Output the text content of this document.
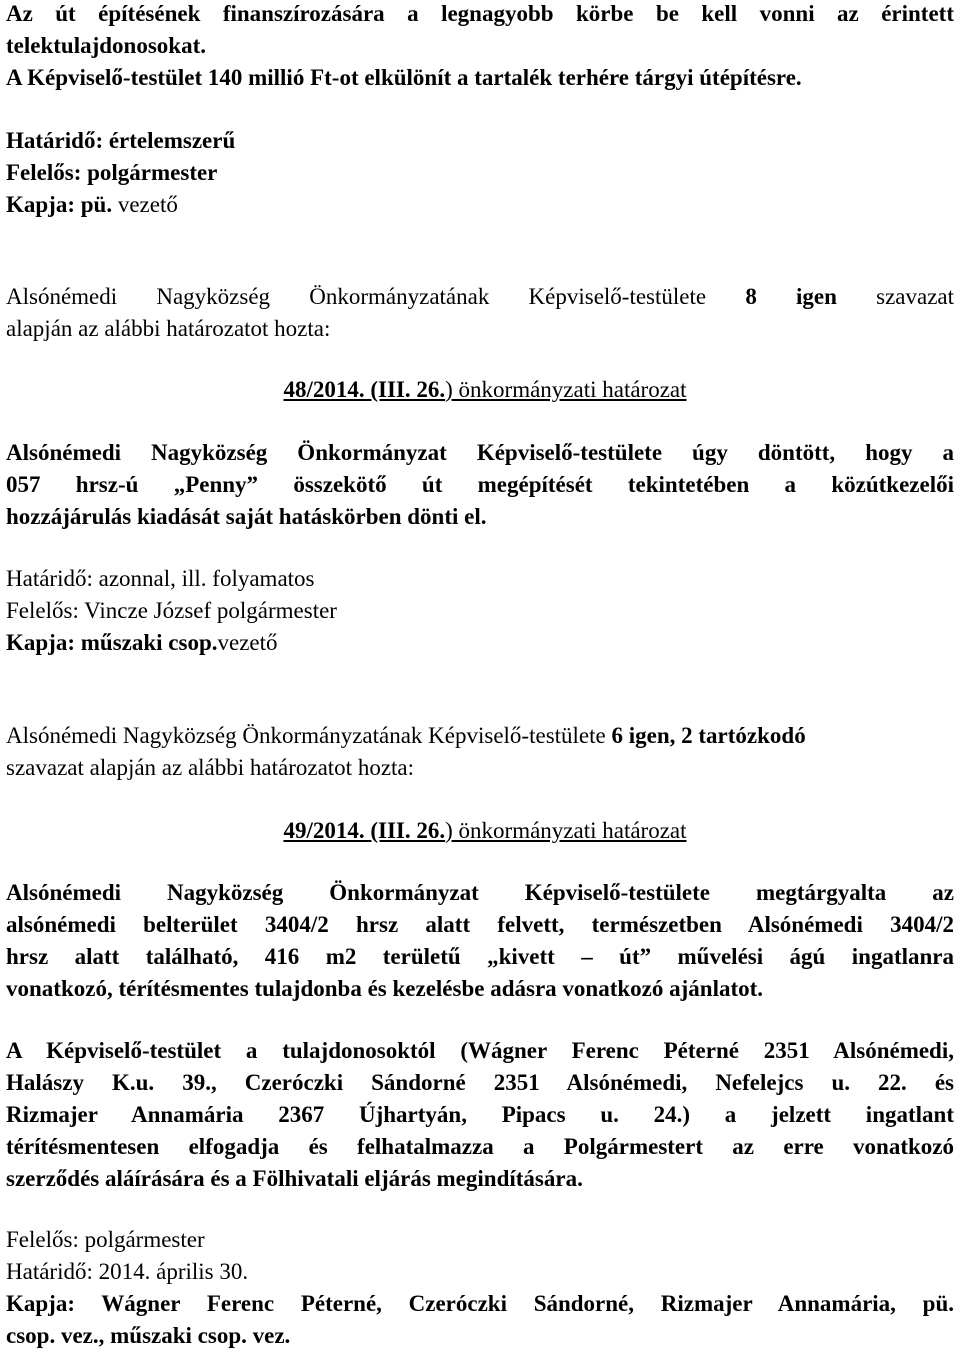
Az út építésének finanszírozására a legnagyobb körbe be kell vonni az érintett
telektulajdonosokat.
A Képviselő-testület 140 millió Ft-ot elkülönít a tartalék terhére tárgyi útépítésre.
Határidő: értelemszerű
Felelős: polgármester
Kapja: pü. vezető
Alsónémedi Nagyközség Önkormányzatának Képviselő-testülete 8 igen szavazat
alapján az alábbi határozatot hozta:
48/2014. (III. 26.) önkormányzati határozat
Alsónémedi Nagyközség Önkormányzat Képviselő-testülete úgy döntött, hogy a
057 hrsz-ú „Penny” összekötő út megépítését tekintetében a közútkezelői
hozzájárulás kiadását saját hatáskörben dönti el.
Határidő: azonnal, ill. folyamatos
Felelős: Vincze József polgármester
Kapja: műszaki csop.vezető
Alsónémedi Nagyközség Önkormányzatának Képviselő-testülete 6 igen, 2 tartózkodó
szavazat alapján az alábbi határozatot hozta:
49/2014. (III. 26.) önkormányzati határozat
Alsónémedi Nagyközség Önkormányzat Képviselő-testülete megtárgyalta az
alsónémedi belterület 3404/2 hrsz alatt felvett, természetben Alsónémedi 3404/2
hrsz alatt található, 416 m2 területű „kivett – út” művelési ágú ingatlanra
vonatkozó, térítésmentes tulajdonba és kezelésbe adásra vonatkozó ajánlatot.
A Képviselő-testület a tulajdonosoktól (Wágner Ferenc Péterné 2351 Alsónémedi,
Halászy K.u. 39., Czeróczki Sándorné 2351 Alsónémedi, Nefelejcs u. 22. és
Rizmajer Annamária 2367 Újhartyán, Pipacs u. 24.) a jelzett ingatlant
térítésmentesen elfogadja és felhatalmazza a Polgármestert az erre vonatkozó
szerződés aláírására és a Fölhivatali eljárás megindítására.
Felelős: polgármester
Határidő: 2014. április 30.
Kapja: Wágner Ferenc Péterné, Czeróczki Sándorné, Rizmajer Annamária, pü.
csop. vez., műszaki csop. vez.
